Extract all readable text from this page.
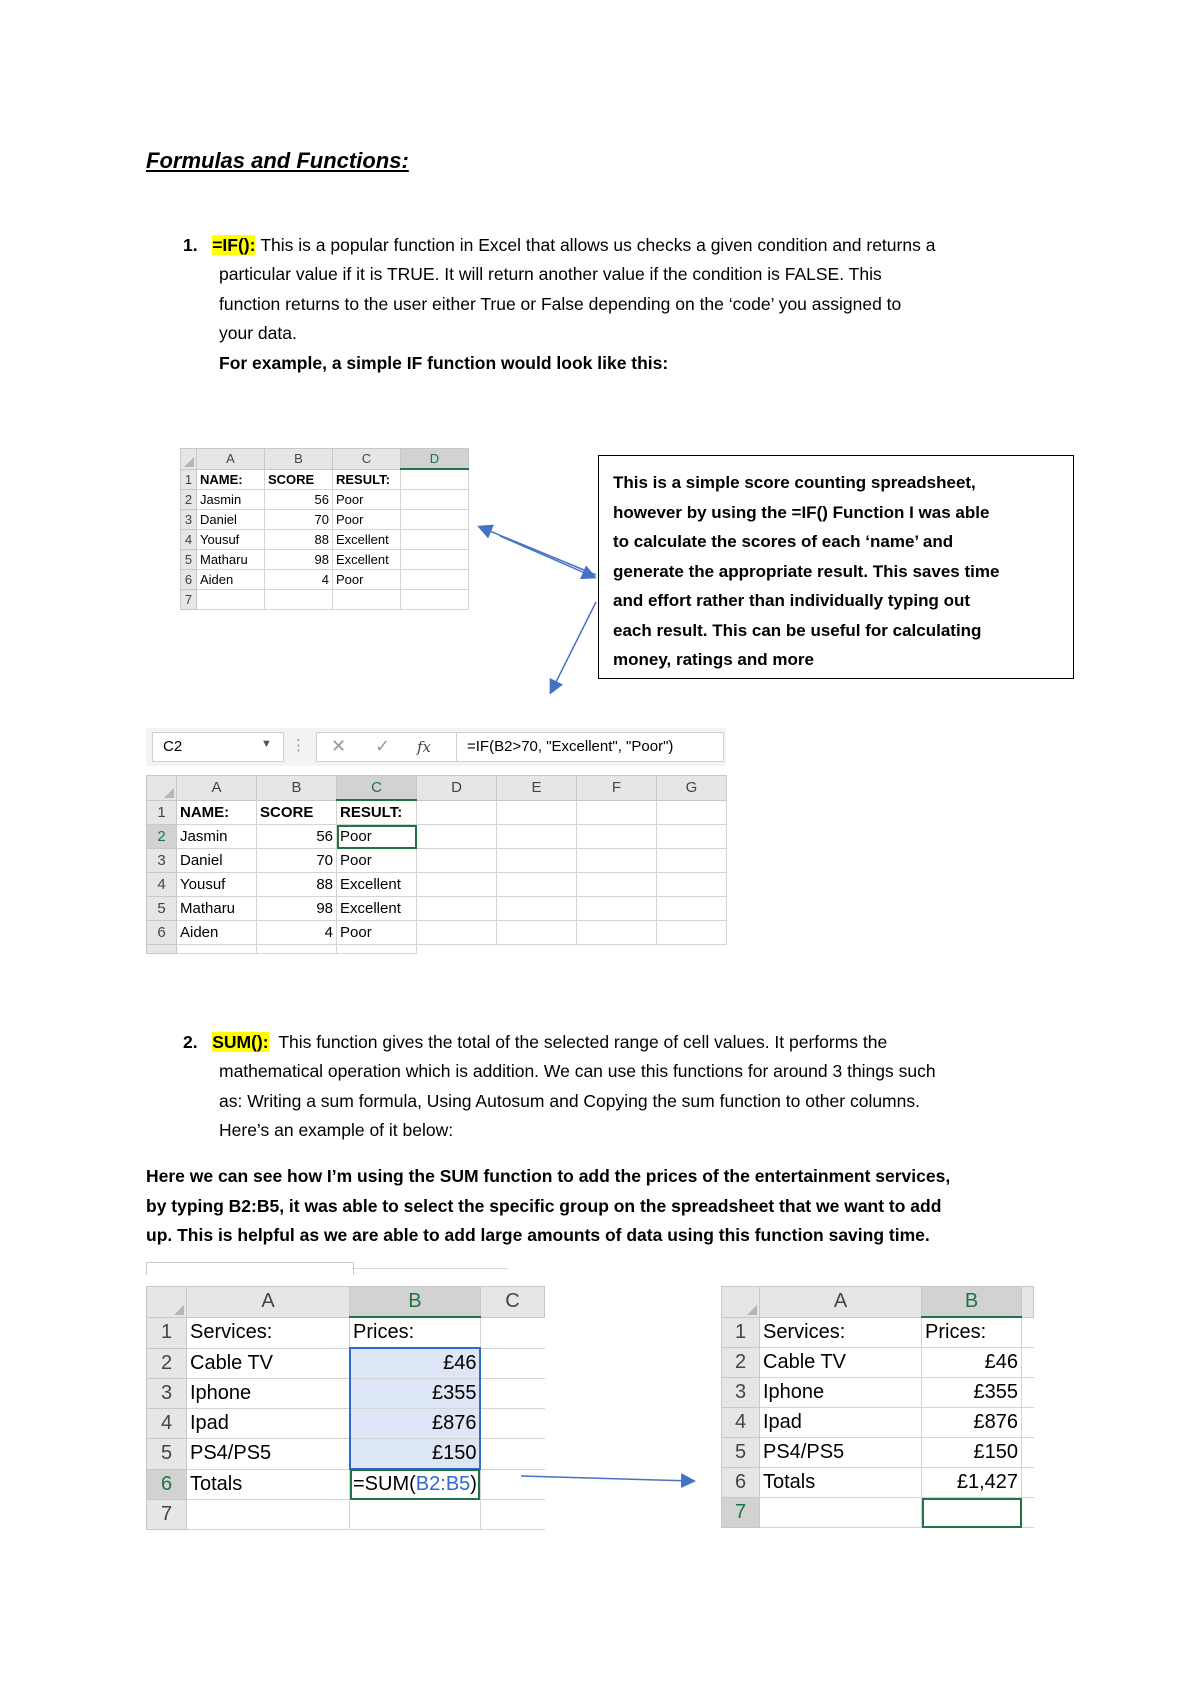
Formulas and Functions:
1. =IF(): This is a popular function in Excel that allows us checks a given condition and returns a
particular value if it is TRUE. It will return another value if the condition is FALSE. This
function returns to the user either True or False depending on the ‘code’ you assigned to
your data.
For example, a simple IF function would look like this:
	A	B	C	D
1	NAME:	SCORE	RESULT:	
2	Jasmin	56	Poor	
3	Daniel	70	Poor	
4	Yousuf	88	Excellent	
5	Matharu	98	Excellent	
6	Aiden	4	Poor	
7				
This is a simple score counting spreadsheet,
however by using the =IF() Function I was able
to calculate the scores of each ‘name’ and
generate the appropriate result. This saves time
and effort rather than individually typing out
each result. This can be useful for calculating
money, ratings and more
C2	▼ ⋮ ✕ ✓ fx =IF(B2>70, "Excellent", "Poor")
	A	B	C	D	E	F	G
1	NAME:	SCORE	RESULT:				
2	Jasmin	56	Poor				
3	Daniel	70	Poor				
4	Yousuf	88	Excellent				
5	Matharu	98	Excellent				
6	Aiden	4	Poor				

2. SUM(): This function gives the total of the selected range of cell values. It performs the
mathematical operation which is addition. We can use this functions for around 3 things such
as: Writing a sum formula, Using Autosum and Copying the sum function to other columns.
Here’s an example of it below:
Here we can see how I’m using the SUM function to add the prices of the entertainment services,
by typing B2:B5, it was able to select the specific group on the spreadsheet that we want to add
up. This is helpful as we are able to add large amounts of data using this function saving time.
	A	B	C
1	Services:	Prices:	
2	Cable TV	£46	
3	Iphone	£355	
4	Ipad	£876	
5	PS4/PS5	£150	
6	Totals	=SUM(B2:B5)	
7			
	A	B	
1	Services:	Prices:	
2	Cable TV	£46	
3	Iphone	£355	
4	Ipad	£876	
5	PS4/PS5	£150	
6	Totals	£1,427	
7			
